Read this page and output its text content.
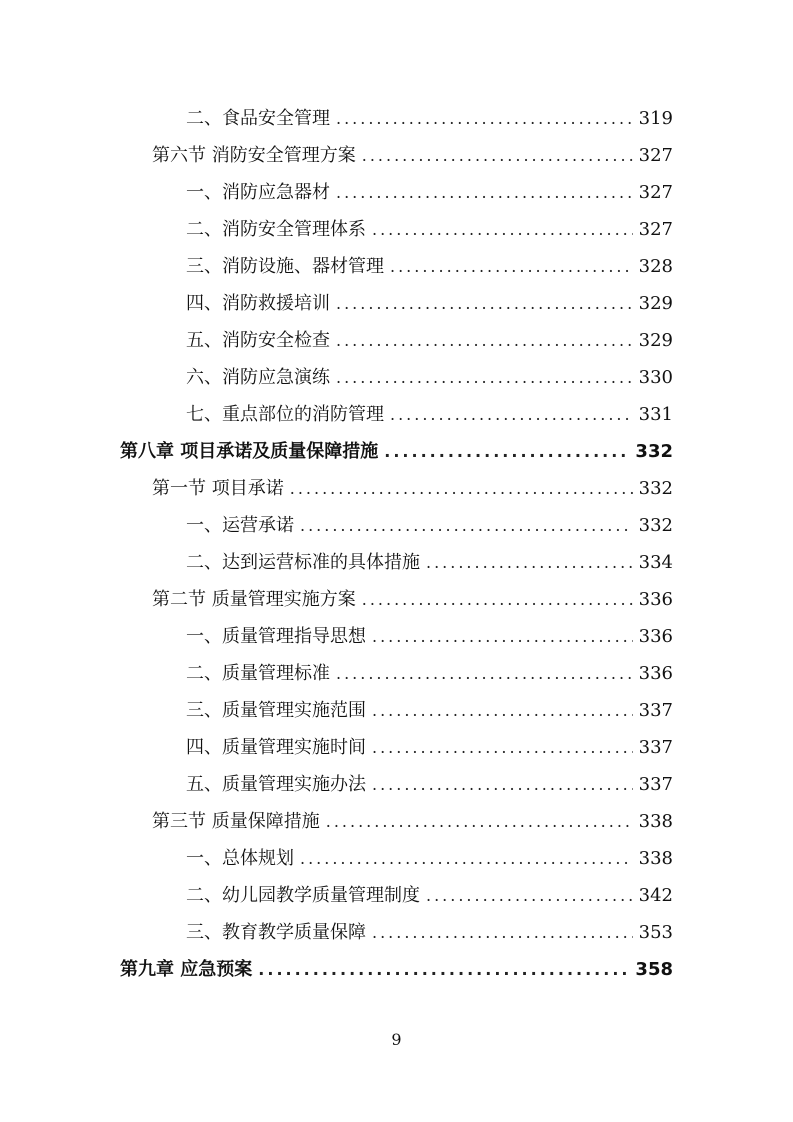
二、食品安全管理 .....	319
第六节 消防安全管理方案 .....	327
一、消防应急器材 .....	327
二、消防安全管理体系 .....	327
三、消防设施、器材管理 .....	328
四、消防救援培训 .....	329
五、消防安全检查 .....	329
六、消防应急演练 .....	330
七、重点部位的消防管理 .....	331
第八章 项目承诺及质量保障措施 .....	332
第一节 项目承诺 .....	332
一、运营承诺 .....	332
二、达到运营标准的具体措施 .....	334
第二节 质量管理实施方案 .....	336
一、质量管理指导思想 .....	336
二、质量管理标准 .....	336
三、质量管理实施范围 .....	337
四、质量管理实施时间 .....	337
五、质量管理实施办法 .....	337
第三节 质量保障措施 .....	338
一、总体规划 .....	338
二、幼儿园教学质量管理制度 .....	342
三、教育教学质量保障 .....	353
第九章 应急预案 .....	358
9
